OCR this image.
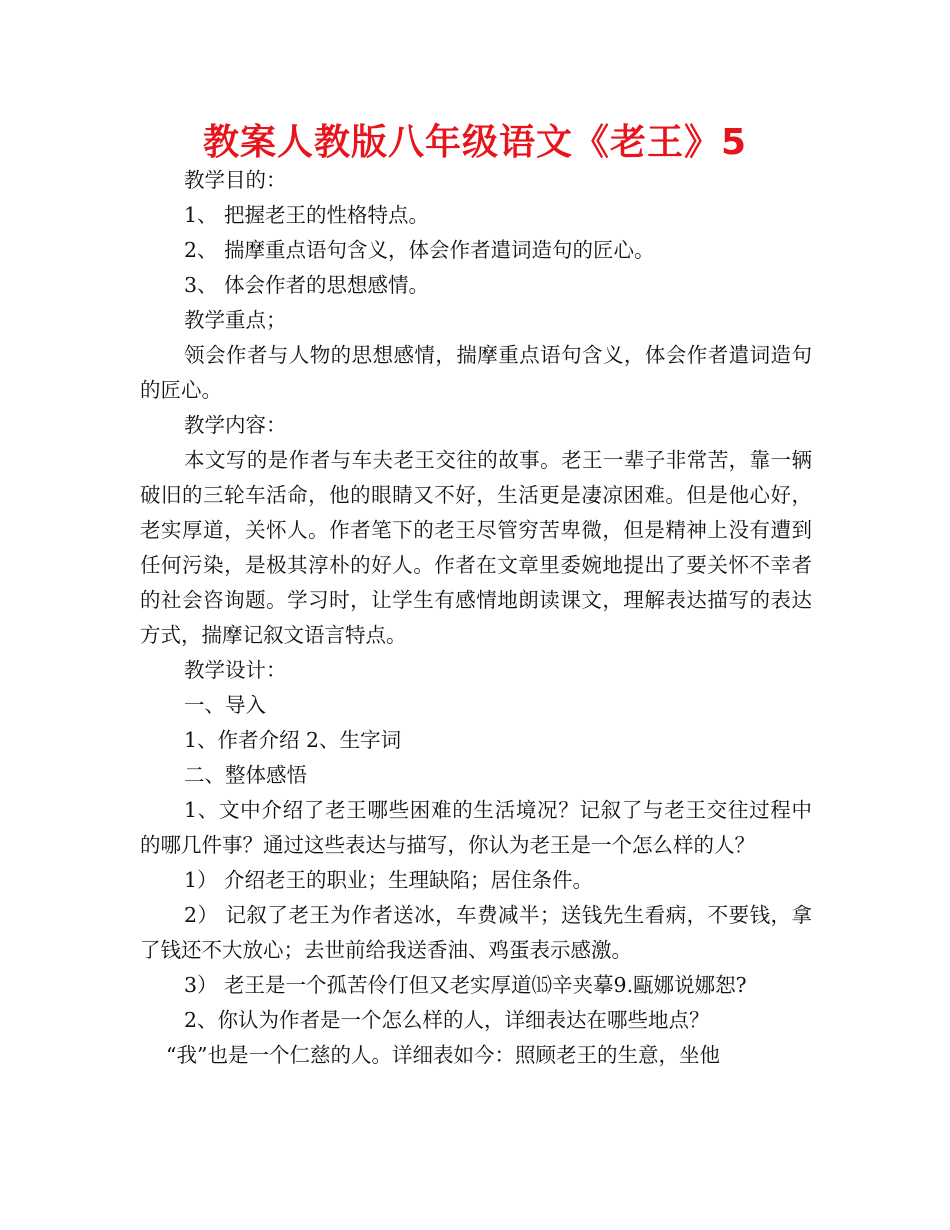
教案人教版八年级语文《老王》5
教学目的：
1、 把握老王的性格特点。
2、 揣摩重点语句含义，体会作者遣词造句的匠心。
3、 体会作者的思想感情。
教学重点；
领会作者与人物的思想感情，揣摩重点语句含义，体会作者遣词造句的匠心。
教学内容：
本文写的是作者与车夫老王交往的故事。老王一辈子非常苦，靠一辆破旧的三轮车活命，他的眼睛又不好，生活更是凄凉困难。但是他心好，老实厚道，关怀人。作者笔下的老王尽管穷苦卑微，但是精神上没有遭到任何污染，是极其淳朴的好人。作者在文章里委婉地提出了要关怀不幸者的社会咨询题。学习时，让学生有感情地朗读课文，理解表达描写的表达方式，揣摩记叙文语言特点。
教学设计：
一、导入
1、作者介绍 2、生字词
二、整体感悟
1、文中介绍了老王哪些困难的生活境况？记叙了与老王交往过程中的哪几件事？通过这些表达与描写，你认为老王是一个怎么样的人？
1） 介绍老王的职业；生理缺陷；居住条件。
2） 记叙了老王为作者送冰，车费减半；送钱先生看病，不要钱，拿了钱还不大放心；去世前给我送香油、鸡蛋表示感激。
3） 老王是一个孤苦伶仃但又老实厚道⒂辛夹摹9.甌娜说娜恕?
2、你认为作者是一个怎么样的人，详细表达在哪些地点？
“我”也是一个仁慈的人。详细表如今：照顾老王的生意，坐他
